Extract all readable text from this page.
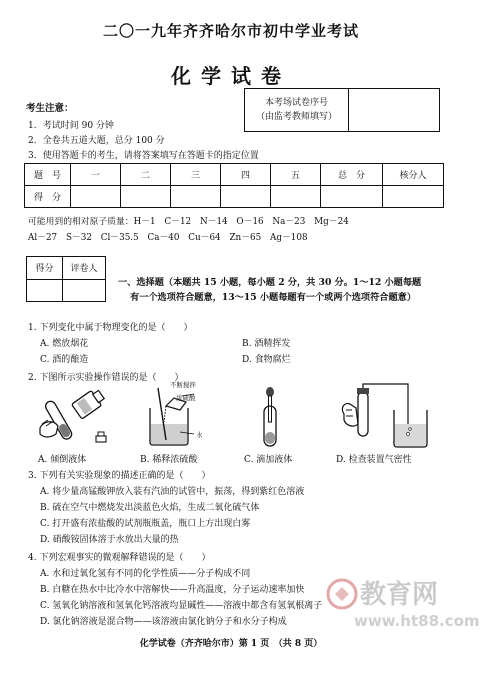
二〇一九年齐齐哈尔市初中学业考试
化学试卷
考生注意：
1．考试时间 90 分钟
2．全卷共五道大题，总分 100 分
3．使用答题卡的考生，请将答案填写在答题卡的指定位置
本考场试卷序号
（由监考教师填写）

题　号	一	二	三	四	五	总　分	核分人
得　分							
可能用到的相对原子质量：H－1　C－12　N－14　O－16　Na－23　Mg－24
Al－27　S－32　Cl－35.5　Ca－40　Cu－64　Zn－65　Ag－108
得分	评卷人

一、选择题（本题共 15 小题，每小题 2 分，共 30 分。1～12 小题每题
有一个选项符合题意，13～15 小题每题有一个或两个选项符合题意）
1. 下列变化中属于物理变化的是（　　）
A. 燃放烟花	B. 酒精挥发
C. 酒的酿造	D. 食物腐烂
2. 下图所示实验操作错误的是（　　）
不断搅拌
浓硫酸
水
A. 倾倒液体	B. 稀释浓硫酸	C. 滴加液体	D. 检查装置气密性
3. 下列有关实验现象的描述正确的是（　　）
A. 将少量高锰酸钾放入装有汽油的试管中，振荡，得到紫红色溶液
B. 硫在空气中燃烧发出淡蓝色火焰，生成二氧化硫气体
C. 打开盛有浓盐酸的试剂瓶瓶盖，瓶口上方出现白雾
D. 硝酸铵固体溶于水放出大量的热
4. 下列宏观事实的微观解释错误的是（　　）
A. 水和过氧化氢有不同的化学性质——分子构成不同
B. 白糖在热水中比冷水中溶解快——升高温度，分子运动速率加快
C. 氢氧化钠溶液和氢氧化钙溶液均显碱性——溶液中都含有氢氧根离子
D. 氯化钠溶液是混合物——该溶液由氯化钠分子和水分子构成
教育网
www.ht88.com
化学试卷（齐齐哈尔市）第 1 页　（共 8 页）
